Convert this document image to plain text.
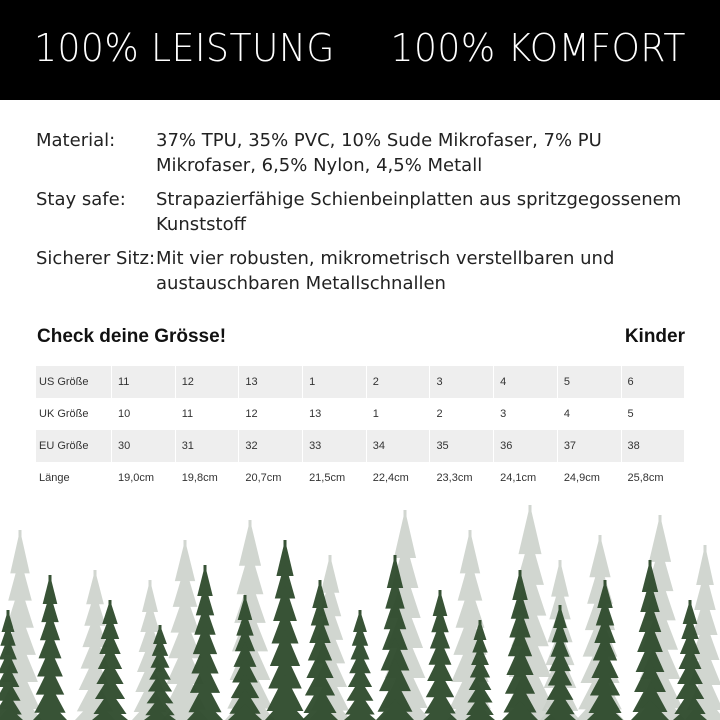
100% LEISTUNG 100% KOMFORT
Material:	37% TPU, 35% PVC, 10% Sude Mikrofaser, 7% PU Mikrofaser, 6,5% Nylon, 4,5% Metall
Stay safe:	Strapazierfähige Schienbeinplatten aus spritzgegossenem Kunststoff
Sicherer Sitz: Mit vier robusten, mikrometrisch verstellbaren und austauschbaren Metallschnallen
Check deine Grösse!	Kinder
US Größe	11	12	13	1	2	3	4	5	6
UK Größe	10	11	12	13	1	2	3	4	5
EU Größe	30	31	32	33	34	35	36	37	38
Länge	19,0cm	19,8cm	20,7cm	21,5cm	22,4cm	23,3cm	24,1cm	24,9cm	25,8cm
